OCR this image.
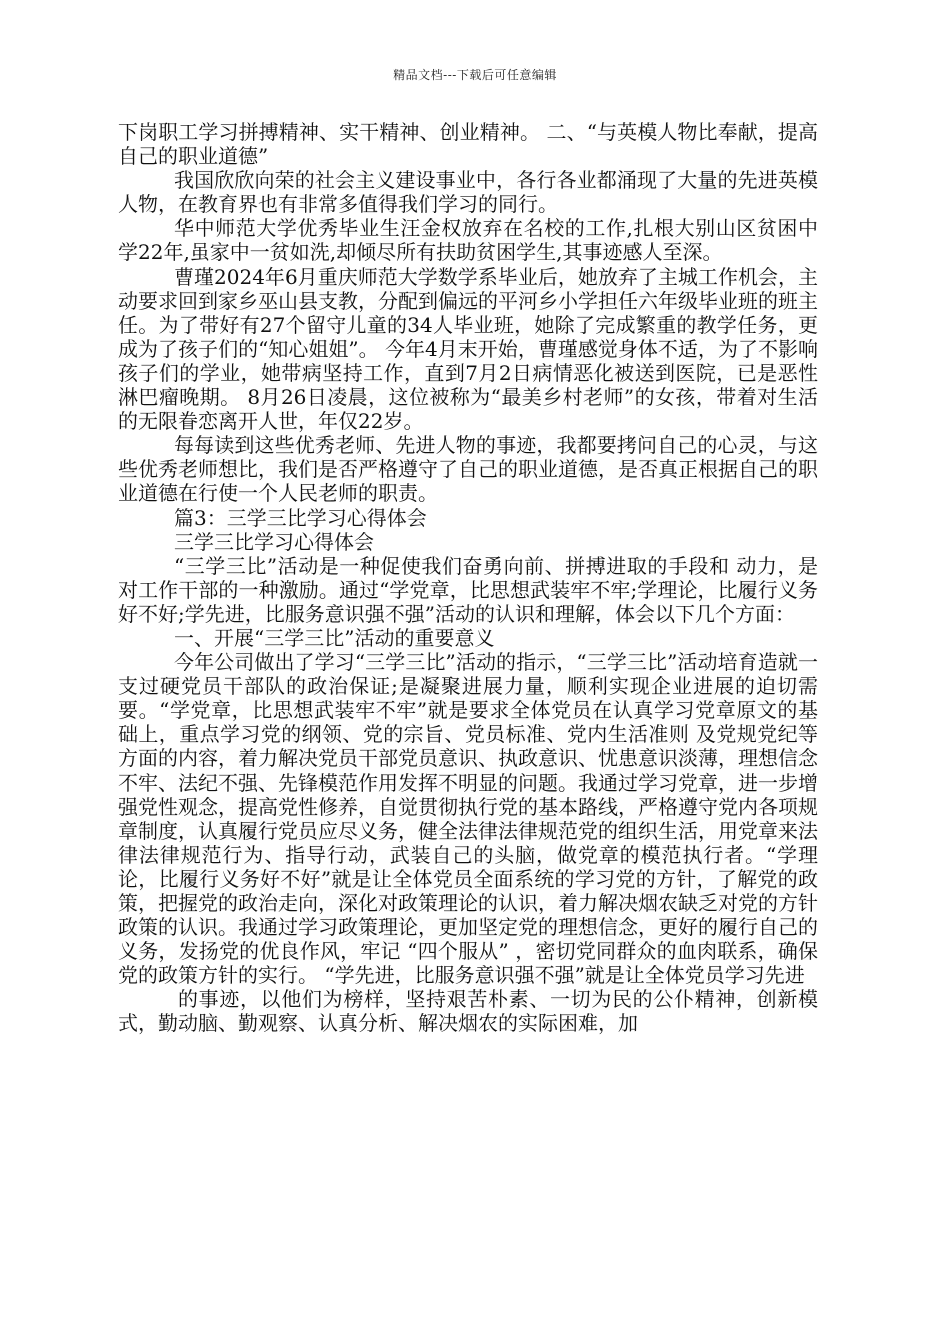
精品文档---下载后可任意编辑

下岗职工学习拼搏精神、实干精神、创业精神。 二、“与英模人物比奉献，提高自己的职业道德”

我国欣欣向荣的社会主义建设事业中，各行各业都涌现了大量的先进英模人物，在教育界也有非常多值得我们学习的同行。

华中师范大学优秀毕业生汪金权放弃在名校的工作,扎根大别山区贫困中学22年,虽家中一贫如洗,却倾尽所有扶助贫困学生,其事迹感人至深。

曹瑾2024年6月重庆师范大学数学系毕业后，她放弃了主城工作机会，主动要求回到家乡巫山县支教，分配到偏远的平河乡小学担任六年级毕业班的班主任。为了带好有27个留守儿童的34人毕业班，她除了完成繁重的教学任务，更成为了孩子们的“知心姐姐”。 今年4月末开始，曹瑾感觉身体不适，为了不影响孩子们的学业，她带病坚持工作，直到7月2日病情恶化被送到医院，已是恶性淋巴瘤晚期。 8月26日凌晨，这位被称为“最美乡村老师”的女孩，带着对生活的无限眷恋离开人世，年仅22岁。

每每读到这些优秀老师、先进人物的事迹，我都要拷问自己的心灵，与这些优秀老师想比，我们是否严格遵守了自己的职业道德，是否真正根据自己的职业道德在行使一个人民老师的职责。

篇3：三学三比学习心得体会

三学三比学习心得体会

“三学三比”活动是一种促使我们奋勇向前、拼搏进取的手段和 动力，是对工作干部的一种激励。通过“学党章，比思想武装牢不牢;学理论，比履行义务好不好;学先进，比服务意识强不强”活动的认识和理解，体会以下几个方面：

一、开展“三学三比”活动的重要意义

今年公司做出了学习“三学三比”活动的指示，“三学三比”活动培育造就一支过硬党员干部队的政治保证;是凝聚进展力量，顺利实现企业进展的迫切需要。“学党章，比思想武装牢不牢”就是要求全体党员在认真学习党章原文的基础上，重点学习党的纲领、党的宗旨、党员标准、党内生活准则 及党规党纪等方面的内容，着力解决党员干部党员意识、执政意识、忧患意识淡薄，理想信念不牢、法纪不强、先锋模范作用发挥不明显的问题。我通过学习党章，进一步增强党性观念，提高党性修养，自觉贯彻执行党的基本路线，严格遵守党内各项规章制度，认真履行党员应尽义务，健全法律法律规范党的组织生活，用党章来法律法律规范行为、指导行动，武装自己的头脑，做党章的模范执行者。“学理论，比履行义务好不好”就是让全体党员全面系统的学习党的方针，了解党的政策，把握党的政治走向，深化对政策理论的认识，着力解决烟农缺乏对党的方针政策的认识。我通过学习政策理论，更加坚定党的理想信念，更好的履行自己的义务，发扬党的优良作风，牢记 “四个服从” ，密切党同群众的血肉联系，确保党的政策方针的实行。 “学先进，比服务意识强不强”就是让全体党员学习先进

的事迹，以他们为榜样，坚持艰苦朴素、一切为民的公仆精神，创新模式，勤动脑、勤观察、认真分析、解决烟农的实际困难，加
